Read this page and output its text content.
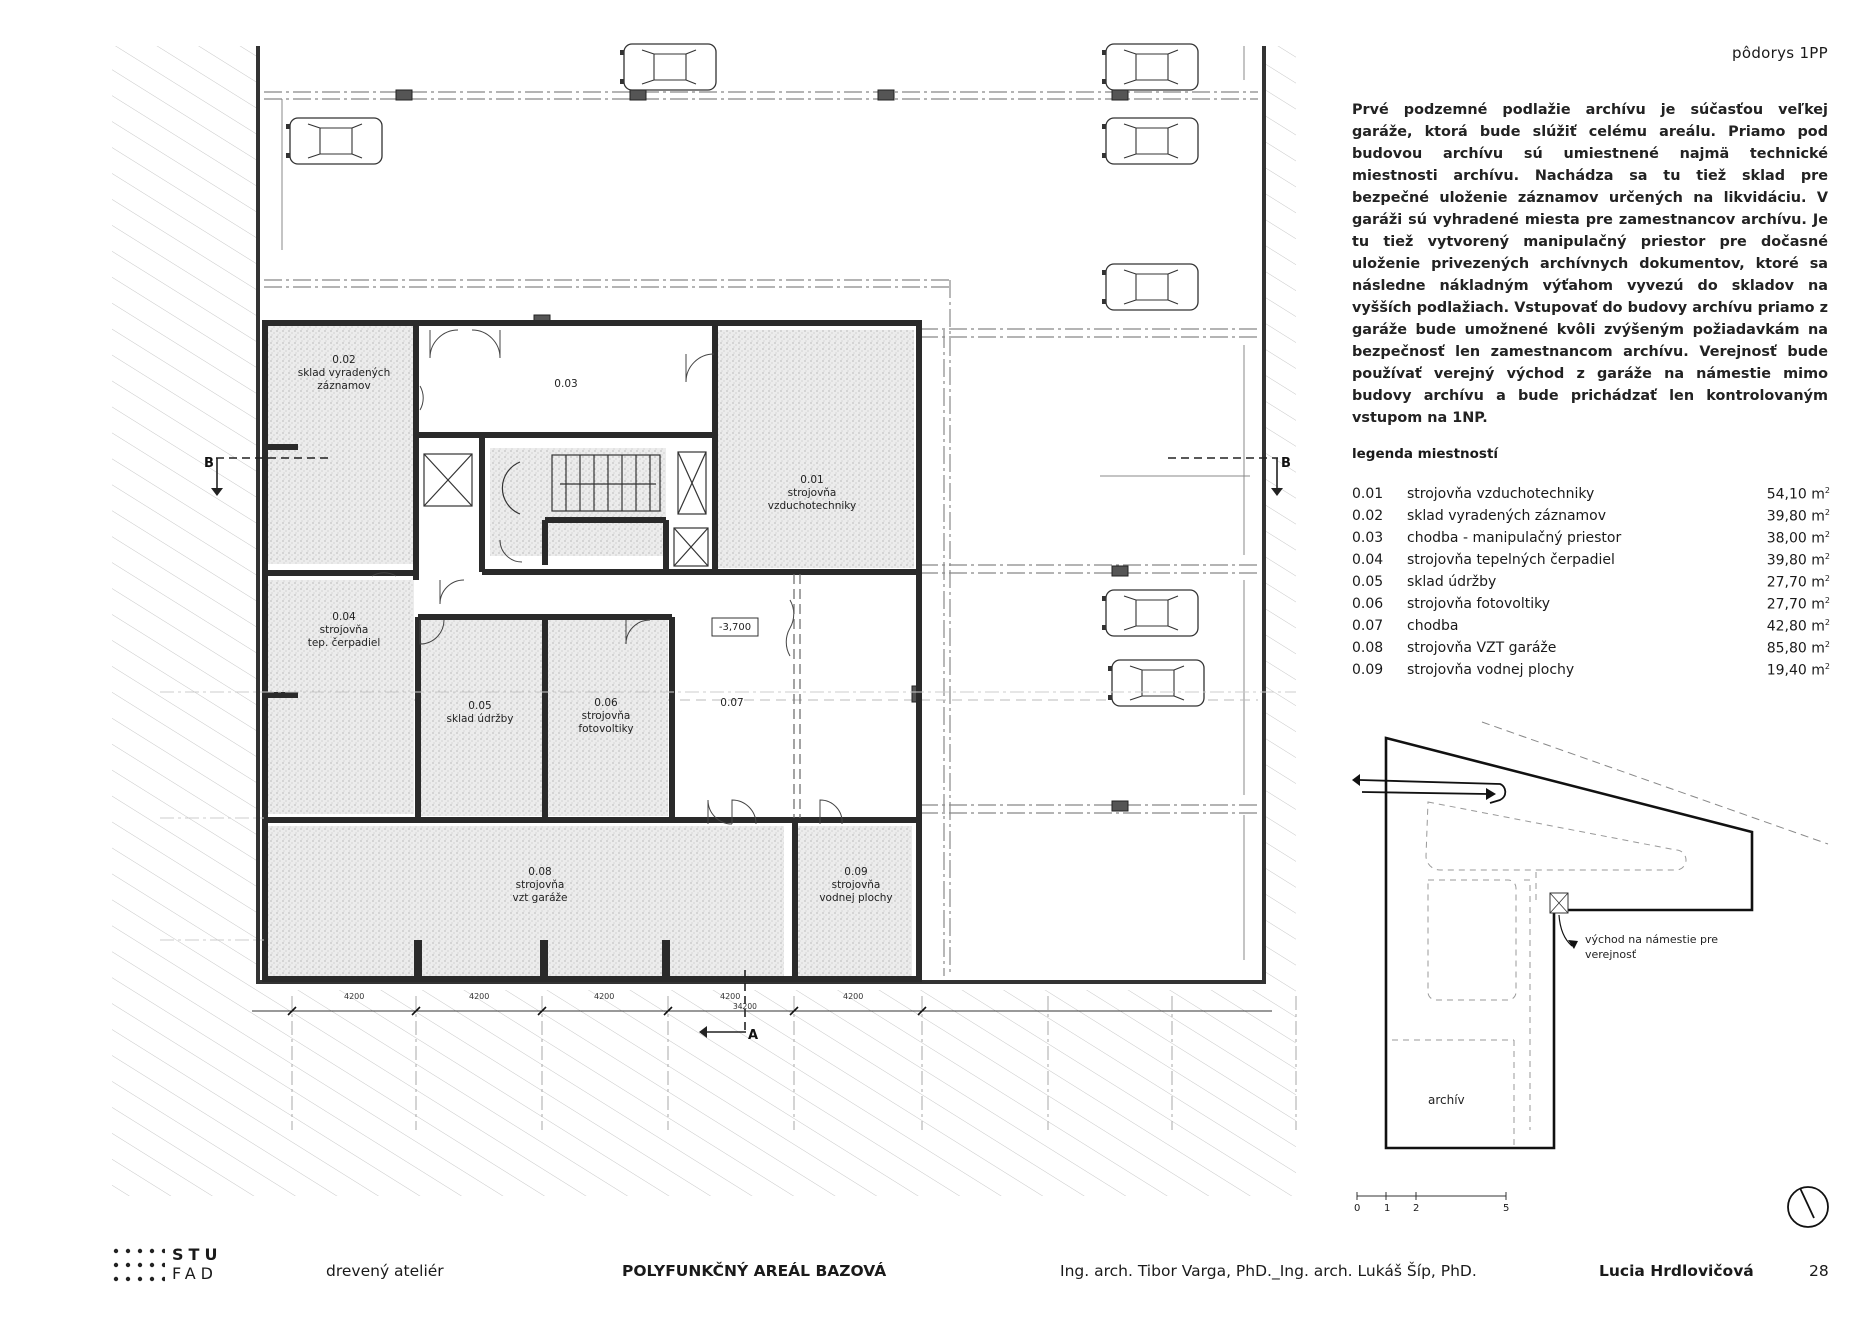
0.02
sklad vyradených
záznamov	0.03
0.01
strojovňa
vzduchotechniky
0.04
strojovňa
tep. čerpadiel
0.05
sklad údržby
0.06
strojovňa
fotovoltiky
0.07
0.08
strojovňa
vzt garáže
0.09
strojovňa
vodnej plochy
-3,700
4200	4200	4200	4200	4200
34200
B	B
A
pôdorys 1PP
Prvé podzemné podlažie archívu je súčasťou veľkej garáže, ktorá bude slúžiť celému areálu. Priamo pod budovou archívu sú umiestnené najmä technické miestnosti archívu. Nachádza sa tu tiež sklad pre bezpečné uloženie záznamov určených na likvidáciu. V garáži sú vyhradené miesta pre zamestnancov archívu. Je tu tiež vytvorený manipulačný priestor pre dočasné uloženie privezených archívnych dokumentov, ktoré sa následne nákladným výťahom vyvezú do skladov na vyšších podlažiach. Vstupovať do budovy archívu priamo z garáže bude umožnené kvôli zvýšeným požiadavkám na bezpečnosť len zamestnancom archívu. Verejnosť bude používať verejný východ z garáže na námestie mimo budovy archívu a bude prichádzať len kontrolovaným vstupom na 1NP.
legenda miestností
0.01 strojovňa vzduchotechniky	54,10 $m^2$
0.02 sklad vyradených záznamov	39,80 $m^2$
0.03 chodba - manipulačný priestor	38,00 $m^2$
0.04 strojovňa tepelných čerpadiel	39,80 $m^2$
0.05 sklad údržby	27,70 $m^2$
0.06 strojovňa fotovoltiky	27,70 $m^2$
0.07 chodba	42,80 $m^2$
0.08 strojovňa VZT garáže	85,80 $m^2$
0.09 strojovňa vodnej plochy	19,40 $m^2$
archív
východ na námestie pre
verejnosť
0 1 2	5
STU
FAD	drevený ateliér	POLYFUNKČNÝ AREÁL BAZOVÁ	Ing. arch. Tibor Varga, PhD._Ing. arch. Lukáš Šíp, PhD.	Lucia Hrdlovičová	28
